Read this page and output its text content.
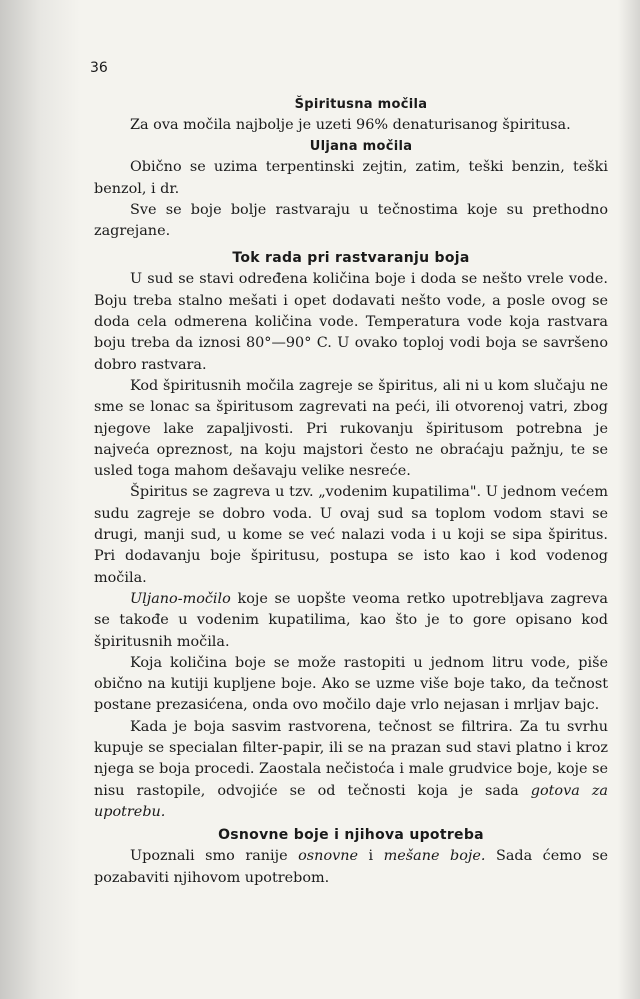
36
Špiritusna močila

Za ova močila najbolje je uzeti 96% denaturisanog špiritusa.

Uljana močila

Obično se uzima terpentinski zejtin, zatim, teški benzin, teški benzol, i dr.

Sve se boje bolje rastvaraju u tečnostima koje su prethodno zagrejane.

Tok rada pri rastvaranju boja

U sud se stavi određena količina boje i doda se nešto vrele vode. Boju treba stalno mešati i opet dodavati nešto vode, a posle ovog se doda cela odmerena količina vode. Temperatura vode koja rastvara boju treba da iznosi 80°—90° C. U ovako toploj vodi boja se savršeno dobro rastvara.

Kod špiritusnih močila zagreje se špiritus, ali ni u kom slučaju ne sme se lonac sa špiritusom zagrevati na peći, ili otvorenoj vatri, zbog njegove lake zapaljivosti. Pri rukovanju špiritusom potrebna je najveća opreznost, na koju majstori često ne obraćaju pažnju, te se usled toga mahom dešavaju velike nesreće.

Špiritus se zagreva u tzv. „vodenim kupatilima". U jednom većem sudu zagreje se dobro voda. U ovaj sud sa toplom vodom stavi se drugi, manji sud, u kome se već nalazi voda i u koji se sipa špiritus. Pri dodavanju boje špiritusu, postupa se isto kao i kod vodenog močila.

Uljano-močilo koje se uopšte veoma retko upotrebljava zagreva se takođe u vodenim kupatilima, kao što je to gore opisano kod špiritusnih močila.

Koja količina boje se može rastopiti u jednom litru vode, piše obično na kutiji kupljene boje. Ako se uzme više boje tako, da tečnost postane prezasićena, onda ovo močilo daje vrlo nejasan i mrljav bajc.

Kada je boja sasvim rastvorena, tečnost se filtrira. Za tu svrhu kupuje se specialan filter-papir, ili se na prazan sud stavi platno i kroz njega se boja procedi. Zaostala nečistoća i male grudvice boje, koje se nisu rastopile, odvojiće se od tečnosti koja je sada gotova za upotrebu.

Osnovne boje i njihova upotreba

Upoznali smo ranije osnovne i mešane boje. Sada ćemo se pozabaviti njihovom upotrebom.
